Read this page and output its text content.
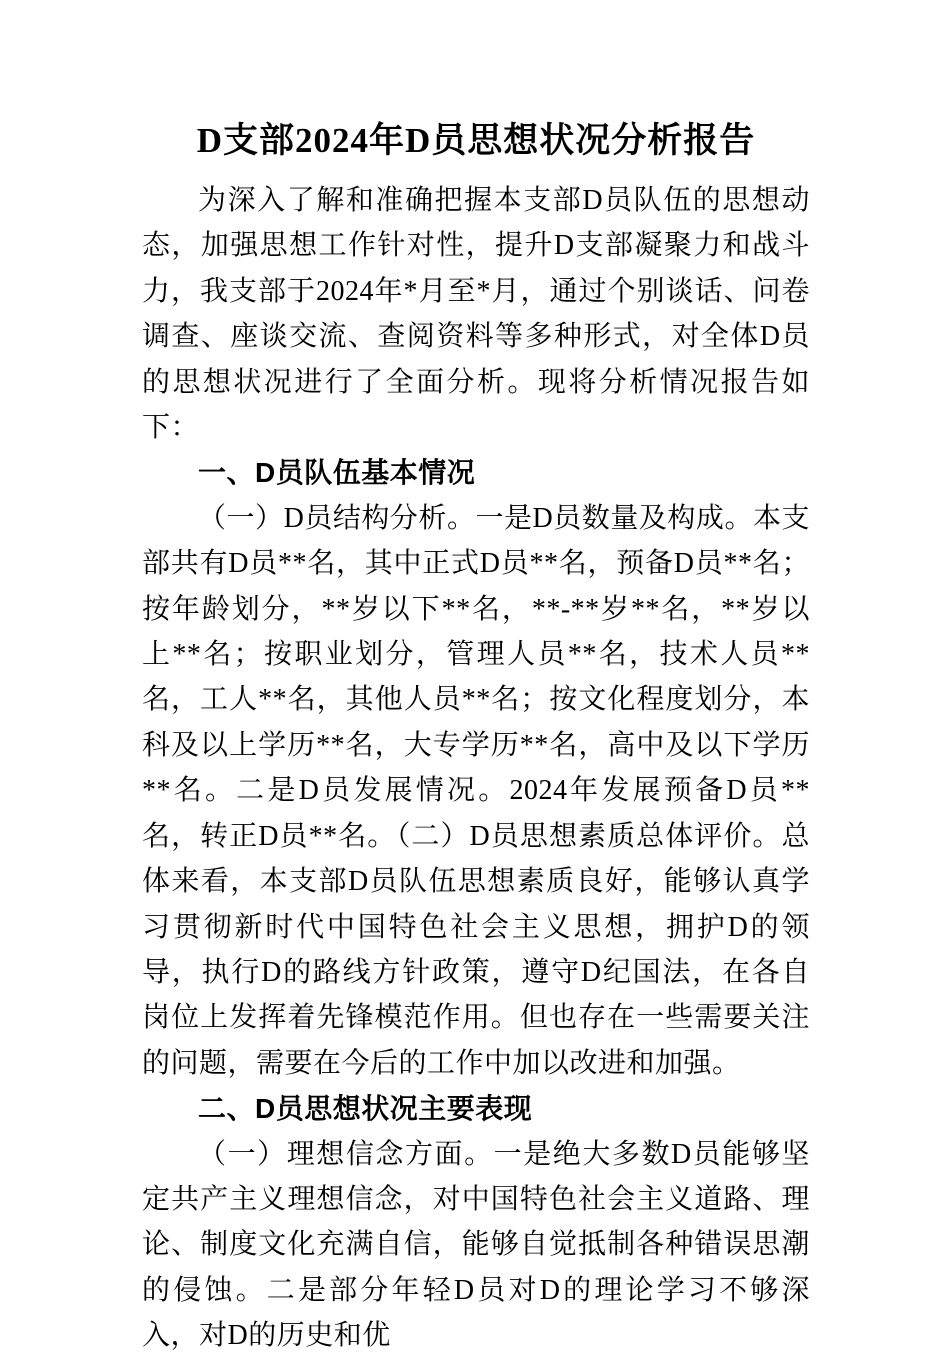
D支部2024年D员思想状况分析报告

为深入了解和准确把握本支部D员队伍的思想动态，加强思想工作针对性，提升D支部凝聚力和战斗力，我支部于2024年*月至*月，通过个别谈话、问卷调查、座谈交流、查阅资料等多种形式，对全体D员的思想状况进行了全面分析。现将分析情况报告如下：

一、D员队伍基本情况

（一）D员结构分析。一是D员数量及构成。本支部共有D员**名，其中正式D员**名，预备D员**名；按年龄划分，**岁以下**名，**-**岁**名，**岁以上**名；按职业划分，管理人员**名，技术人员**名，工人**名，其他人员**名；按文化程度划分，本科及以上学历**名，大专学历**名，高中及以下学历**名。二是D员发展情况。2024年发展预备D员**名，转正D员**名。（二）D员思想素质总体评价。总体来看，本支部D员队伍思想素质良好，能够认真学习贯彻新时代中国特色社会主义思想，拥护D的领导，执行D的路线方针政策，遵守D纪国法，在各自岗位上发挥着先锋模范作用。但也存在一些需要关注的问题，需要在今后的工作中加以改进和加强。

二、D员思想状况主要表现

（一）理想信念方面。一是绝大多数D员能够坚定共产主义理想信念，对中国特色社会主义道路、理论、制度文化充满自信，能够自觉抵制各种错误思潮的侵蚀。二是部分年轻D员对D的理论学习不够深入，对D的历史和优
